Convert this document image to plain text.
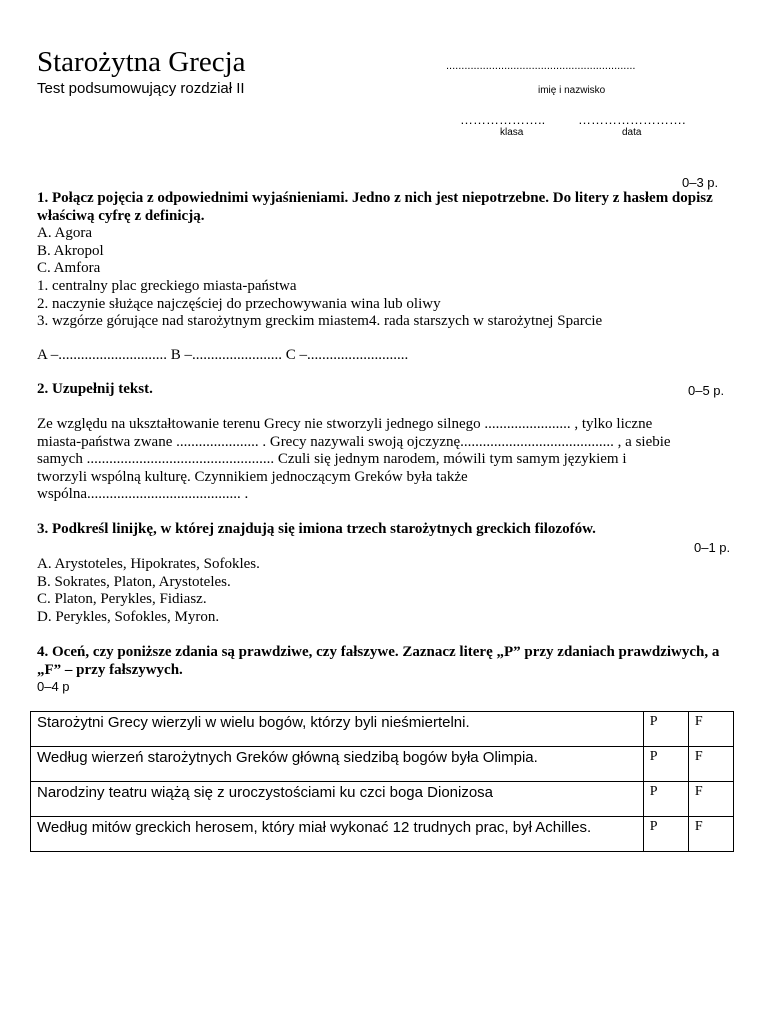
Starożytna Grecja
Test podsumowujący rozdział II
..............................................................
imię i nazwisko
………………..	…………………….
klasa	data
0–3 p.
1. Połącz pojęcia z odpowiednimi wyjaśnieniami. Jedno z nich jest niepotrzebne. Do litery z hasłem dopisz właściwą cyfrę z definicją.
A. Agora
B. Akropol
C. Amfora
1. centralny plac greckiego miasta-państwa
2. naczynie służące najczęściej do przechowywania wina lub oliwy
3. wzgórze górujące nad starożytnym greckim miastem4. rada starszych w starożytnej Sparcie
A –............................. B –........................ C –...........................
2. Uzupełnij tekst.	0–5 p.
Ze względu na ukształtowanie terenu Grecy nie stworzyli jednego silnego ....................... , tylko liczne
miasta-państwa zwane ...................... . Grecy nazywali swoją ojczyznę......................................... , a siebie
samych .................................................. Czuli się jednym narodem, mówili tym samym językiem i
tworzyli wspólną kulturę. Czynnikiem jednoczącym Greków była także
wspólna......................................... .
3. Podkreśl linijkę, w której znajdują się imiona trzech starożytnych greckich filozofów.
0–1 p.
A. Arystoteles, Hipokrates, Sofokles.
B. Sokrates, Platon, Arystoteles.
C. Platon, Perykles, Fidiasz.
D. Perykles, Sofokles, Myron.
4. Oceń, czy poniższe zdania są prawdziwe, czy fałszywe. Zaznacz literę „P” przy zdaniach prawdziwych, a „F” – przy fałszywych.
0–4 p
Starożytni Grecy wierzyli w wielu bogów, którzy byli nieśmiertelni.	P	F
Według wierzeń starożytnych Greków główną siedzibą bogów była Olimpia.	P	F
Narodziny teatru wiążą się z uroczystościami ku czci boga Dionizosa	P	F
Według mitów greckich herosem, który miał wykonać 12 trudnych prac, był Achilles.	P	F
